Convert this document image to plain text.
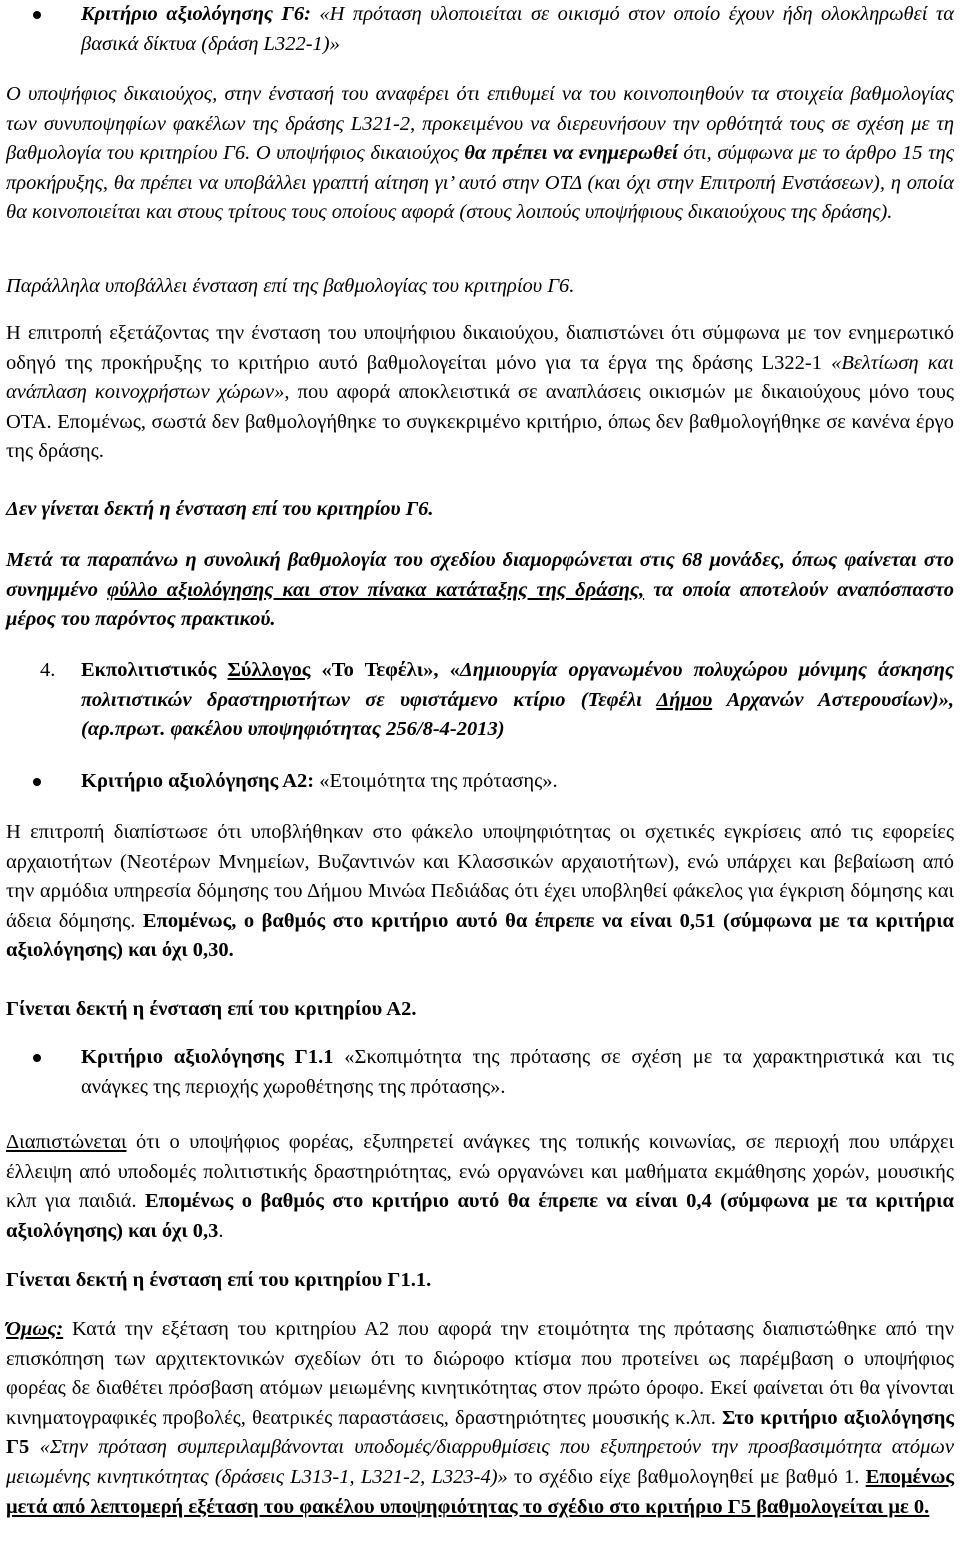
Κριτήριο αξιολόγησης Γ6: «Η πρόταση υλοποιείται σε οικισμό στον οποίο έχουν ήδη ολοκληρωθεί τα βασικά δίκτυα (δράση L322-1)»

Ο υποψήφιος δικαιούχος, στην ένστασή του αναφέρει ότι επιθυμεί να του κοινοποιηθούν τα στοιχεία βαθμολογίας των συνυποψηφίων φακέλων της δράσης L321-2, προκειμένου να διερευνήσουν την ορθότητά τους σε σχέση με τη βαθμολογία του κριτηρίου Γ6. Ο υποψήφιος δικαιούχος θα πρέπει να ενημερωθεί ότι, σύμφωνα με το άρθρο 15 της προκήρυξης, θα πρέπει να υποβάλλει γραπτή αίτηση γι’ αυτό στην ΟΤΔ (και όχι στην Επιτροπή Ενστάσεων), η οποία θα κοινοποιείται και στους τρίτους τους οποίους αφορά (στους λοιπούς υποψήφιους δικαιούχους της δράσης).

Παράλληλα υποβάλλει ένσταση επί της βαθμολογίας του κριτηρίου Γ6.

Η επιτροπή εξετάζοντας την ένσταση του υποψήφιου δικαιούχου, διαπιστώνει ότι σύμφωνα με τον ενημερωτικό οδηγό της προκήρυξης το κριτήριο αυτό βαθμολογείται μόνο για τα έργα της δράσης L322-1 «Βελτίωση και ανάπλαση κοινοχρήστων χώρων», που αφορά αποκλειστικά σε αναπλάσεις οικισμών με δικαιούχους μόνο τους ΟΤΑ. Επομένως, σωστά δεν βαθμολογήθηκε το συγκεκριμένο κριτήριο, όπως δεν βαθμολογήθηκε σε κανένα έργο της δράσης.

Δεν γίνεται δεκτή η ένσταση επί του κριτηρίου Γ6.

Μετά τα παραπάνω η συνολική βαθμολογία του σχεδίου διαμορφώνεται στις 68 μονάδες, όπως φαίνεται στο συνημμένο φύλλο αξιολόγησης και στον πίνακα κατάταξης της δράσης, τα οποία αποτελούν αναπόσπαστο μέρος του παρόντος πρακτικού.

4. Εκπολιτιστικός Σύλλογος «Το Τεφέλι», «Δημιουργία οργανωμένου πολυχώρου μόνιμης άσκησης πολιτιστικών δραστηριοτήτων σε υφιστάμενο κτίριο (Τεφέλι Δήμου Αρχανών Αστερουσίων)», (αρ.πρωτ. φακέλου υποψηφιότητας 256/8-4-2013)

Κριτήριο αξιολόγησης Α2: «Ετοιμότητα της πρότασης».

Η επιτροπή διαπίστωσε ότι υποβλήθηκαν στο φάκελο υποψηφιότητας οι σχετικές εγκρίσεις από τις εφορείες αρχαιοτήτων (Νεοτέρων Μνημείων, Βυζαντινών και Κλασσικών αρχαιοτήτων), ενώ υπάρχει και βεβαίωση από την αρμόδια υπηρεσία δόμησης του Δήμου Μινώα Πεδιάδας ότι έχει υποβληθεί φάκελος για έγκριση δόμησης και άδεια δόμησης. Επομένως, ο βαθμός στο κριτήριο αυτό θα έπρεπε να είναι 0,51 (σύμφωνα με τα κριτήρια αξιολόγησης) και όχι 0,30.

Γίνεται δεκτή η ένσταση επί του κριτηρίου Α2.

Κριτήριο αξιολόγησης Γ1.1 «Σκοπιμότητα της πρότασης σε σχέση με τα χαρακτηριστικά και τις ανάγκες της περιοχής χωροθέτησης της πρότασης».

Διαπιστώνεται ότι ο υποψήφιος φορέας, εξυπηρετεί ανάγκες της τοπικής κοινωνίας, σε περιοχή που υπάρχει έλλειψη από υποδομές πολιτιστικής δραστηριότητας, ενώ οργανώνει και μαθήματα εκμάθησης χορών, μουσικής κλπ για παιδιά. Επομένως ο βαθμός στο κριτήριο αυτό θα έπρεπε να είναι 0,4 (σύμφωνα με τα κριτήρια αξιολόγησης) και όχι 0,3.

Γίνεται δεκτή η ένσταση επί του κριτηρίου Γ1.1.

Όμως: Κατά την εξέταση του κριτηρίου Α2 που αφορά την ετοιμότητα της πρότασης διαπιστώθηκε από την επισκόπηση των αρχιτεκτονικών σχεδίων ότι το διώροφο κτίσμα που προτείνει ως παρέμβαση ο υποψήφιος φορέας δε διαθέτει πρόσβαση ατόμων μειωμένης κινητικότητας στον πρώτο όροφο. Εκεί φαίνεται ότι θα γίνονται κινηματογραφικές προβολές, θεατρικές παραστάσεις, δραστηριότητες μουσικής κ.λπ. Στο κριτήριο αξιολόγησης Γ5 «Στην πρόταση συμπεριλαμβάνονται υποδομές/διαρρυθμίσεις που εξυπηρετούν την προσβασιμότητα ατόμων μειωμένης κινητικότητας (δράσεις L313-1, L321-2, L323-4)» το σχέδιο είχε βαθμολογηθεί με βαθμό 1. Επομένως μετά από λεπτομερή εξέταση του φακέλου υποψηφιότητας το σχέδιο στο κριτήριο Γ5 βαθμολογείται με 0.
